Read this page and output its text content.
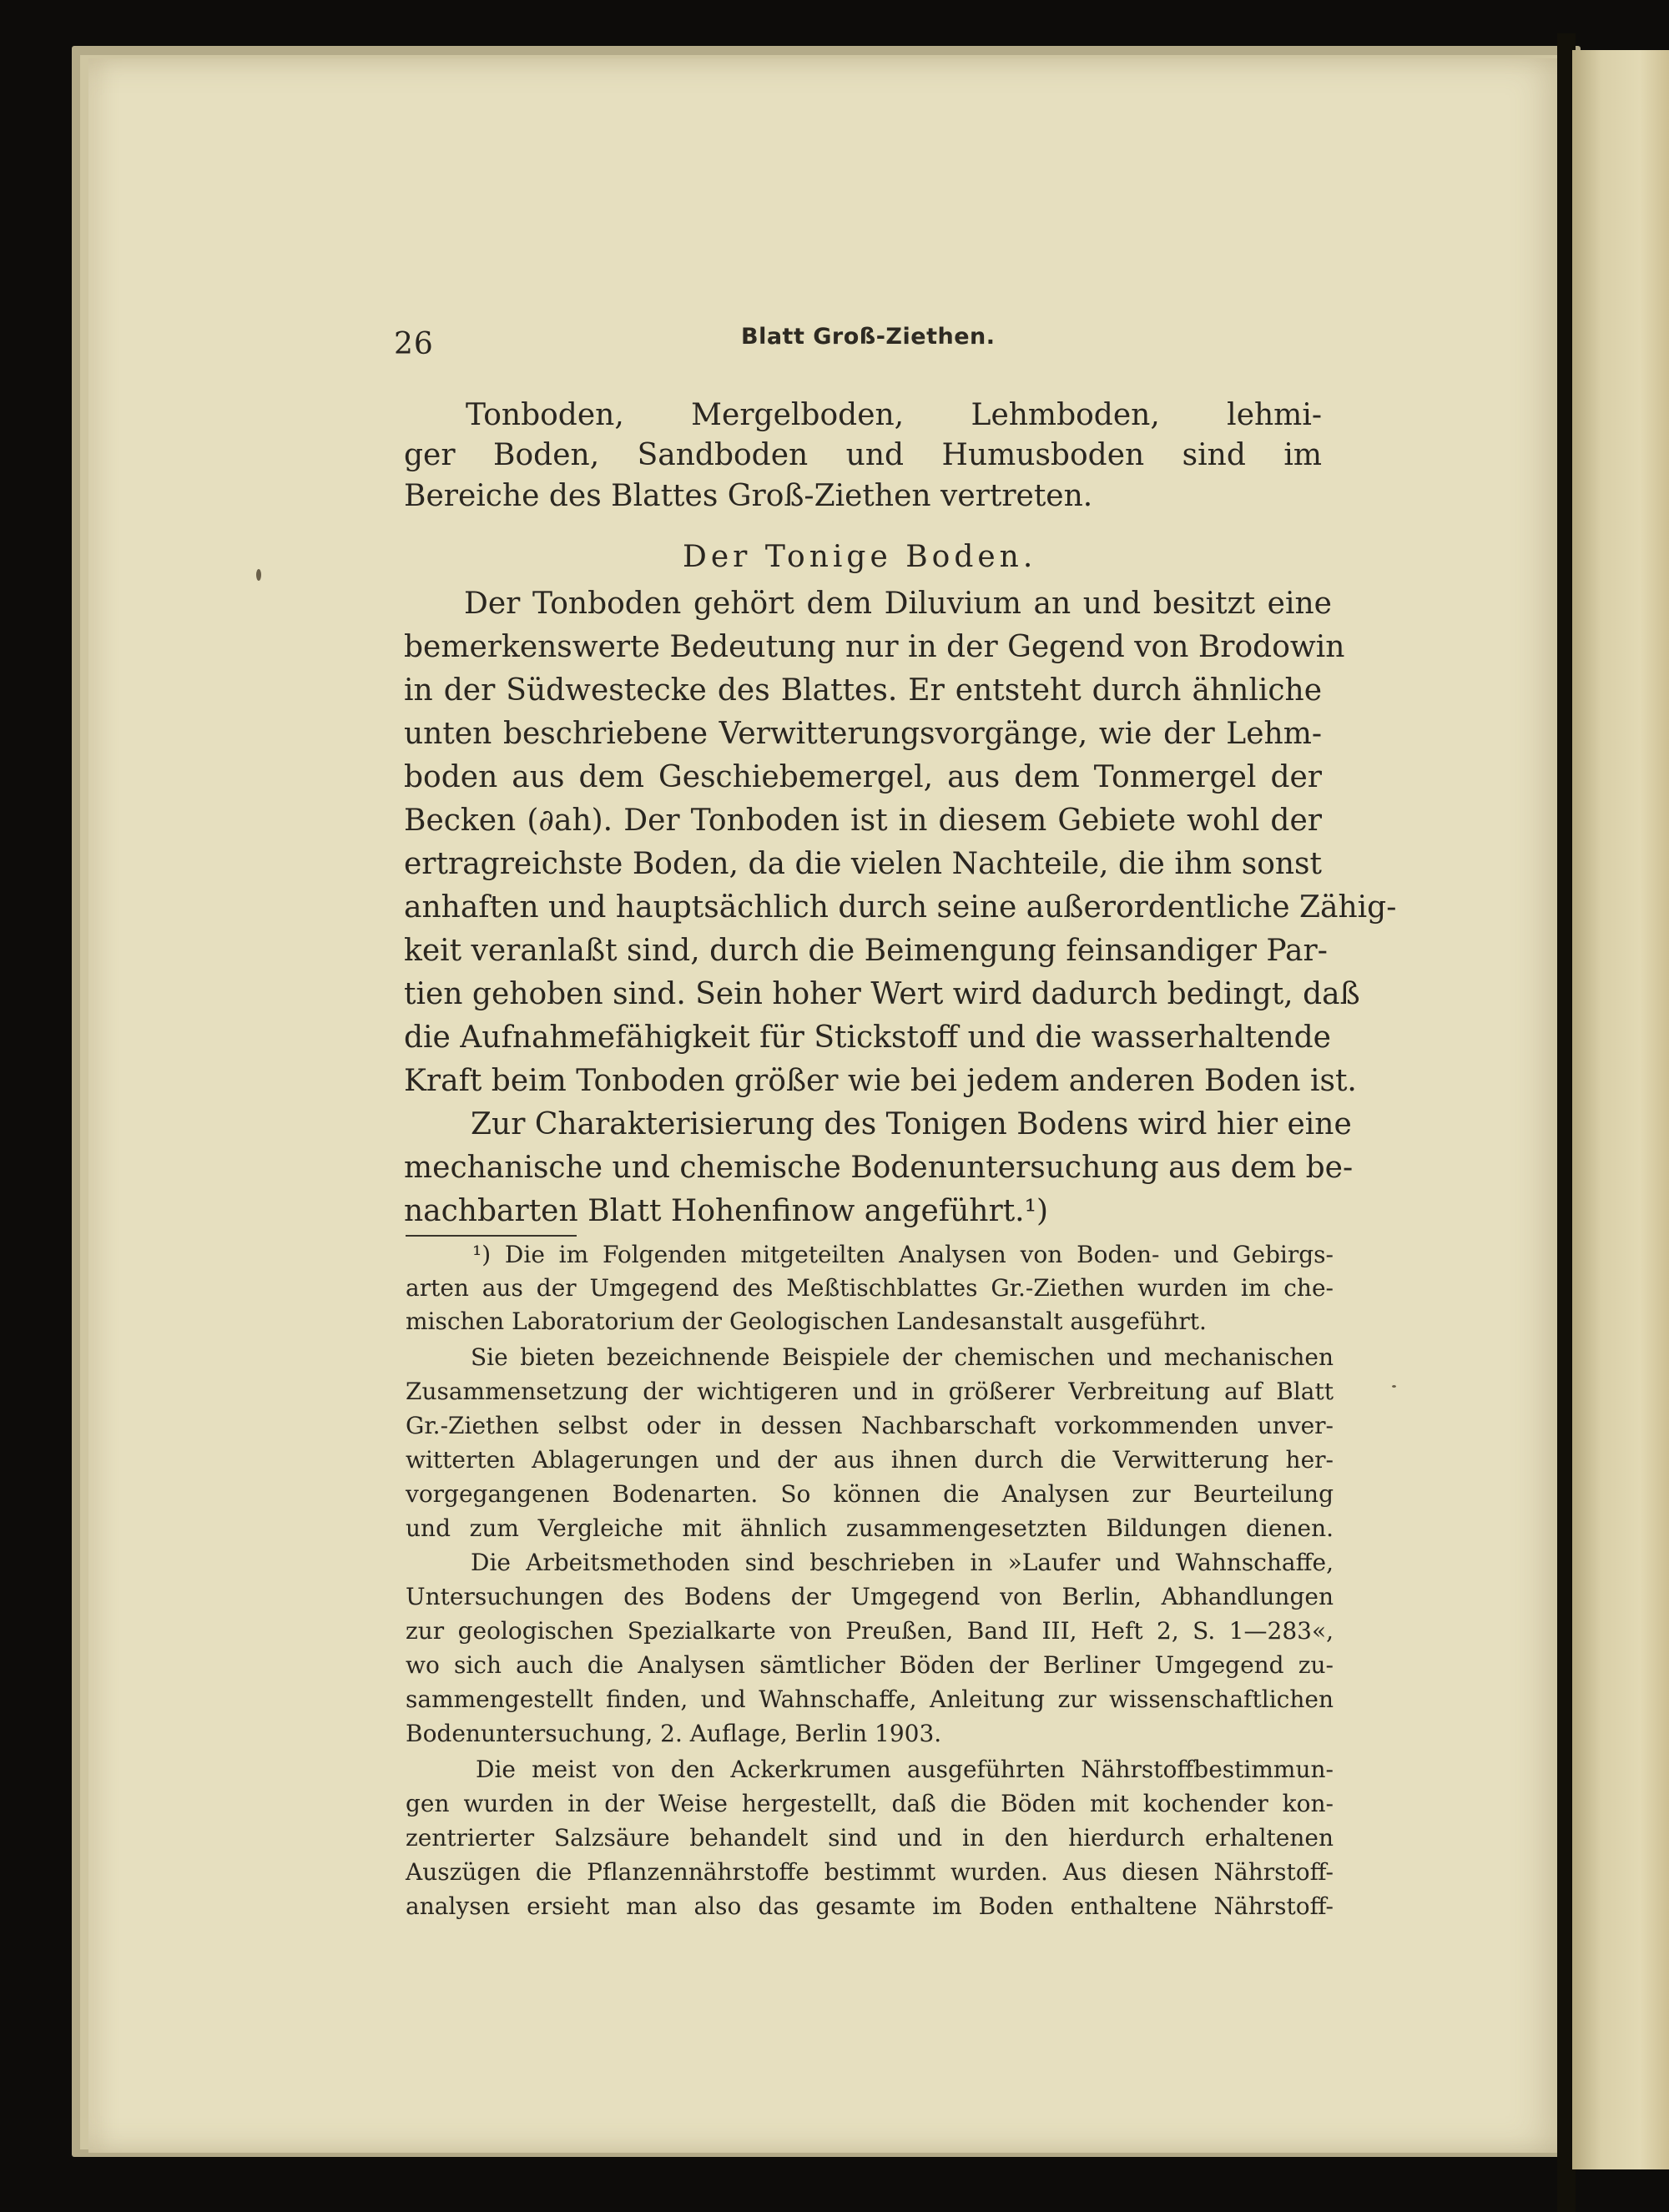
26	Blatt Groß-Ziethen.
Tonboden, Mergelboden, Lehmboden, lehmi-
ger Boden, Sandboden und Humusboden sind im
Bereiche des Blattes Groß-Ziethen vertreten.
Der Tonige Boden.
Der Tonboden gehört dem Diluvium an und besitzt eine
bemerkenswerte Bedeutung nur in der Gegend von Brodowin
in der Südwestecke des Blattes. Er entsteht durch ähnliche
unten beschriebene Verwitterungsvorgänge, wie der Lehm-
boden aus dem Geschiebemergel, aus dem Tonmergel der
Becken (∂ah). Der Tonboden ist in diesem Gebiete wohl der
ertragreichste Boden, da die vielen Nachteile, die ihm sonst
anhaften und hauptsächlich durch seine außerordentliche Zähig-
keit veranlaßt sind, durch die Beimengung feinsandiger Par-
tien gehoben sind. Sein hoher Wert wird dadurch bedingt, daß
die Aufnahmefähigkeit für Stickstoff und die wasserhaltende
Kraft beim Tonboden größer wie bei jedem anderen Boden ist.
Zur Charakterisierung des Tonigen Bodens wird hier eine
mechanische und chemische Bodenuntersuchung aus dem be-
nachbarten Blatt Hohenfinow angeführt.¹)
¹) Die im Folgenden mitgeteilten Analysen von Boden- und Gebirgs-
arten aus der Umgegend des Meßtischblattes Gr.-Ziethen wurden im che-
mischen Laboratorium der Geologischen Landesanstalt ausgeführt.
Sie bieten bezeichnende Beispiele der chemischen und mechanischen
Zusammensetzung der wichtigeren und in größerer Verbreitung auf Blatt
Gr.-Ziethen selbst oder in dessen Nachbarschaft vorkommenden unver-
witterten Ablagerungen und der aus ihnen durch die Verwitterung her-
vorgegangenen Bodenarten. So können die Analysen zur Beurteilung
und zum Vergleiche mit ähnlich zusammengesetzten Bildungen dienen.
Die Arbeitsmethoden sind beschrieben in »Laufer und Wahnschaffe,
Untersuchungen des Bodens der Umgegend von Berlin, Abhandlungen
zur geologischen Spezialkarte von Preußen, Band III, Heft 2, S. 1—283«,
wo sich auch die Analysen sämtlicher Böden der Berliner Umgegend zu-
sammengestellt finden, und Wahnschaffe, Anleitung zur wissenschaftlichen
Bodenuntersuchung, 2. Auflage, Berlin 1903.
Die meist von den Ackerkrumen ausgeführten Nährstoffbestimmun-
gen wurden in der Weise hergestellt, daß die Böden mit kochender kon-
zentrierter Salzsäure behandelt sind und in den hierdurch erhaltenen
Auszügen die Pflanzennährstoffe bestimmt wurden. Aus diesen Nährstoff-
analysen ersieht man also das gesamte im Boden enthaltene Nährstoff-
